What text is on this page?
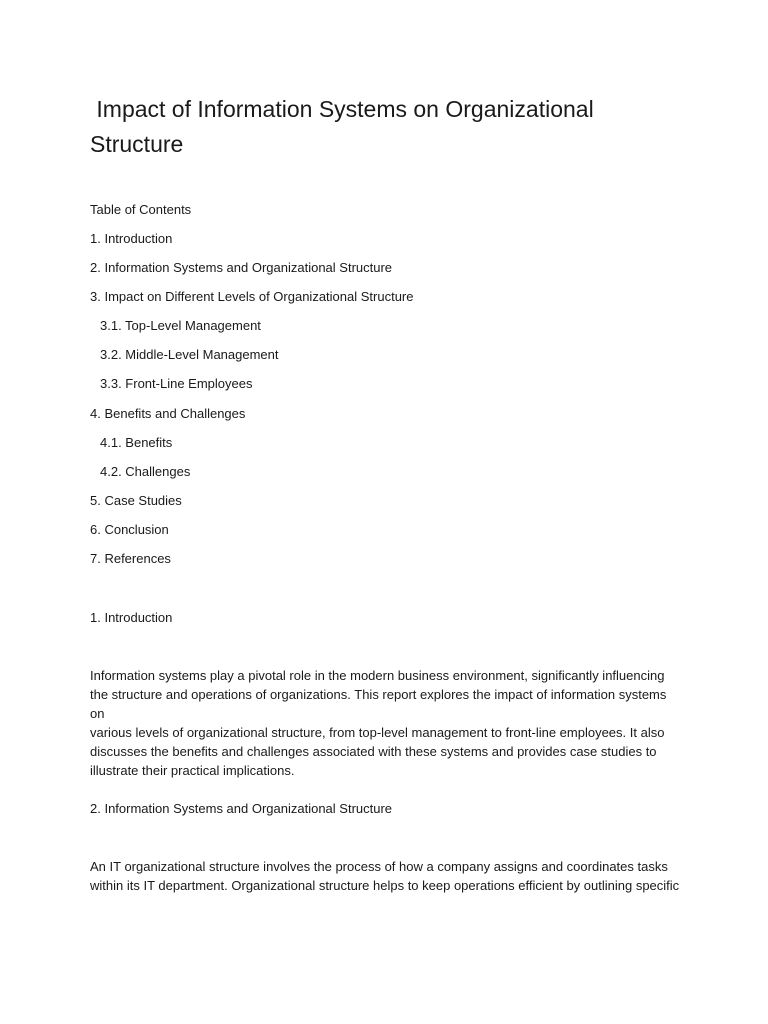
Impact of Information Systems on Organizational
Structure

Table of Contents

1. Introduction
2. Information Systems and Organizational Structure
3. Impact on Different Levels of Organizational Structure
3.1. Top-Level Management
3.2. Middle-Level Management
3.3. Front-Line Employees
4. Benefits and Challenges
4.1. Benefits
4.2. Challenges
5. Case Studies
6. Conclusion
7. References
1. Introduction

Information systems play a pivotal role in the modern business environment, significantly influencing
the structure and operations of organizations. This report explores the impact of information systems on
various levels of organizational structure, from top-level management to front-line employees. It also
discusses the benefits and challenges associated with these systems and provides case studies to
illustrate their practical implications.

2. Information Systems and Organizational Structure

An IT organizational structure involves the process of how a company assigns and coordinates tasks
within its IT department. Organizational structure helps to keep operations efficient by outlining specific
